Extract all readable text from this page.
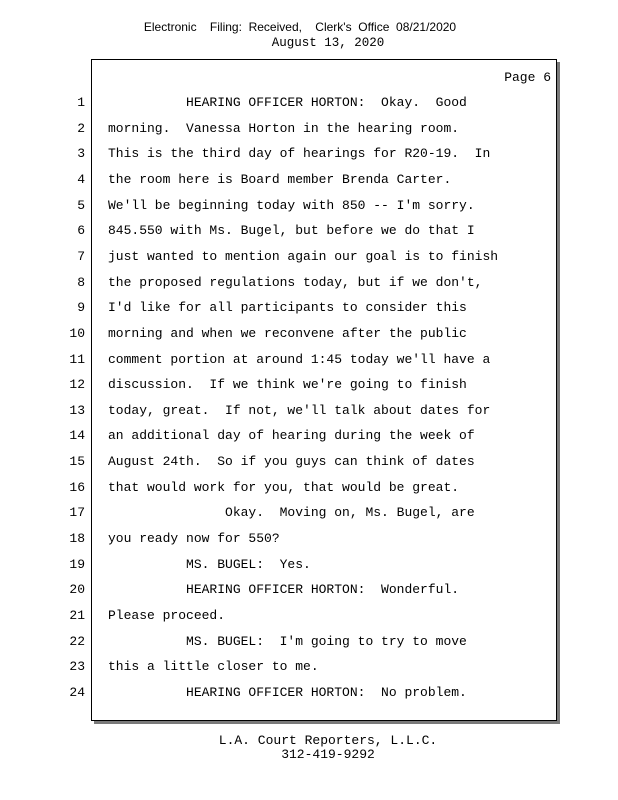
Electronic    Filing:  Received,    Clerk's  Office  08/21/2020
August 13, 2020
Page 6
1 HEARING OFFICER HORTON:  Okay.  Good
2 morning.  Vanessa Horton in the hearing room.
3 This is the third day of hearings for R20-19.  In
4 the room here is Board member Brenda Carter.
5 We'll be beginning today with 850 -- I'm sorry.
6 845.550 with Ms. Bugel, but before we do that I
7 just wanted to mention again our goal is to finish
8 the proposed regulations today, but if we don't,
9 I'd like for all participants to consider this
10 morning and when we reconvene after the public
11 comment portion at around 1:45 today we'll have a
12 discussion.  If we think we're going to finish
13 today, great.  If not, we'll talk about dates for
14 an additional day of hearing during the week of
15 August 24th.  So if you guys can think of dates
16 that would work for you, that would be great.
17 Okay.  Moving on, Ms. Bugel, are
18 you ready now for 550?
19 MS. BUGEL:  Yes.
20 HEARING OFFICER HORTON:  Wonderful.
21 Please proceed.
22 MS. BUGEL:  I'm going to try to move
23 this a little closer to me.
24 HEARING OFFICER HORTON:  No problem.
L.A. Court Reporters, L.L.C.
312-419-9292
